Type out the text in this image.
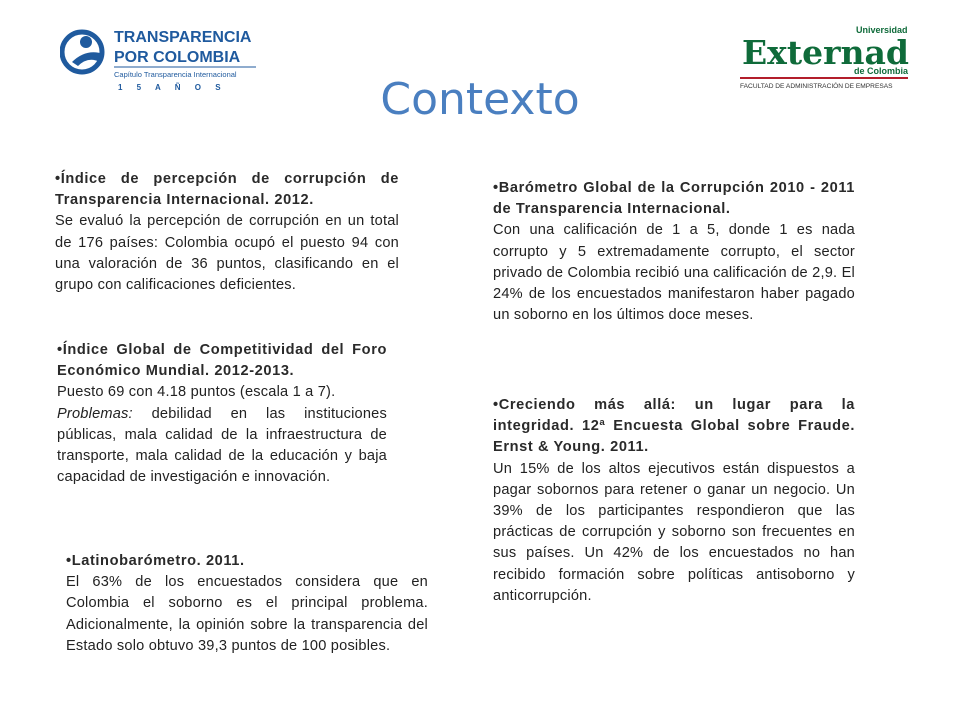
TRANSPARENCIA
POR COLOMBIA
Capítulo Transparencia Internacional
1 5 A Ñ O S
Universidad
Externad
de Colombia
FACULTAD DE ADMINISTRACIÓN DE EMPRESAS
Contexto
•Índice de percepción de corrupción de Transparencia Internacional. 2012.
Se evaluó la percepción de corrupción en un total de 176 países: Colombia ocupó el puesto 94 con una valoración de 36 puntos, clasificando en el grupo con calificaciones deficientes.
•Índice Global de Competitividad del Foro Económico Mundial. 2012-2013.
Puesto 69 con 4.18 puntos (escala 1 a 7).
Problemas: debilidad en las instituciones públicas, mala calidad de la infraestructura de transporte, mala calidad de la educación y baja capacidad de investigación e innovación.
•Latinobarómetro. 2011.
El 63% de los encuestados considera que en Colombia el soborno es el principal problema. Adicionalmente, la opinión sobre la transparencia del Estado solo obtuvo 39,3 puntos de 100 posibles.
•Barómetro Global de la Corrupción 2010 - 2011 de Transparencia Internacional.
Con una calificación de 1 a 5, donde 1 es nada corrupto y 5 extremadamente corrupto, el sector privado de Colombia recibió una calificación de 2,9. El 24% de los encuestados manifestaron haber pagado un soborno en los últimos doce meses.
•Creciendo más allá: un lugar para la integridad. 12ª Encuesta Global sobre Fraude. Ernst & Young. 2011.
Un 15% de los altos ejecutivos están dispuestos a pagar sobornos para retener o ganar un negocio. Un 39% de los participantes respondieron que las prácticas de corrupción y soborno son frecuentes en sus países. Un 42% de los encuestados no han recibido formación sobre políticas antisoborno y anticorrupción.
